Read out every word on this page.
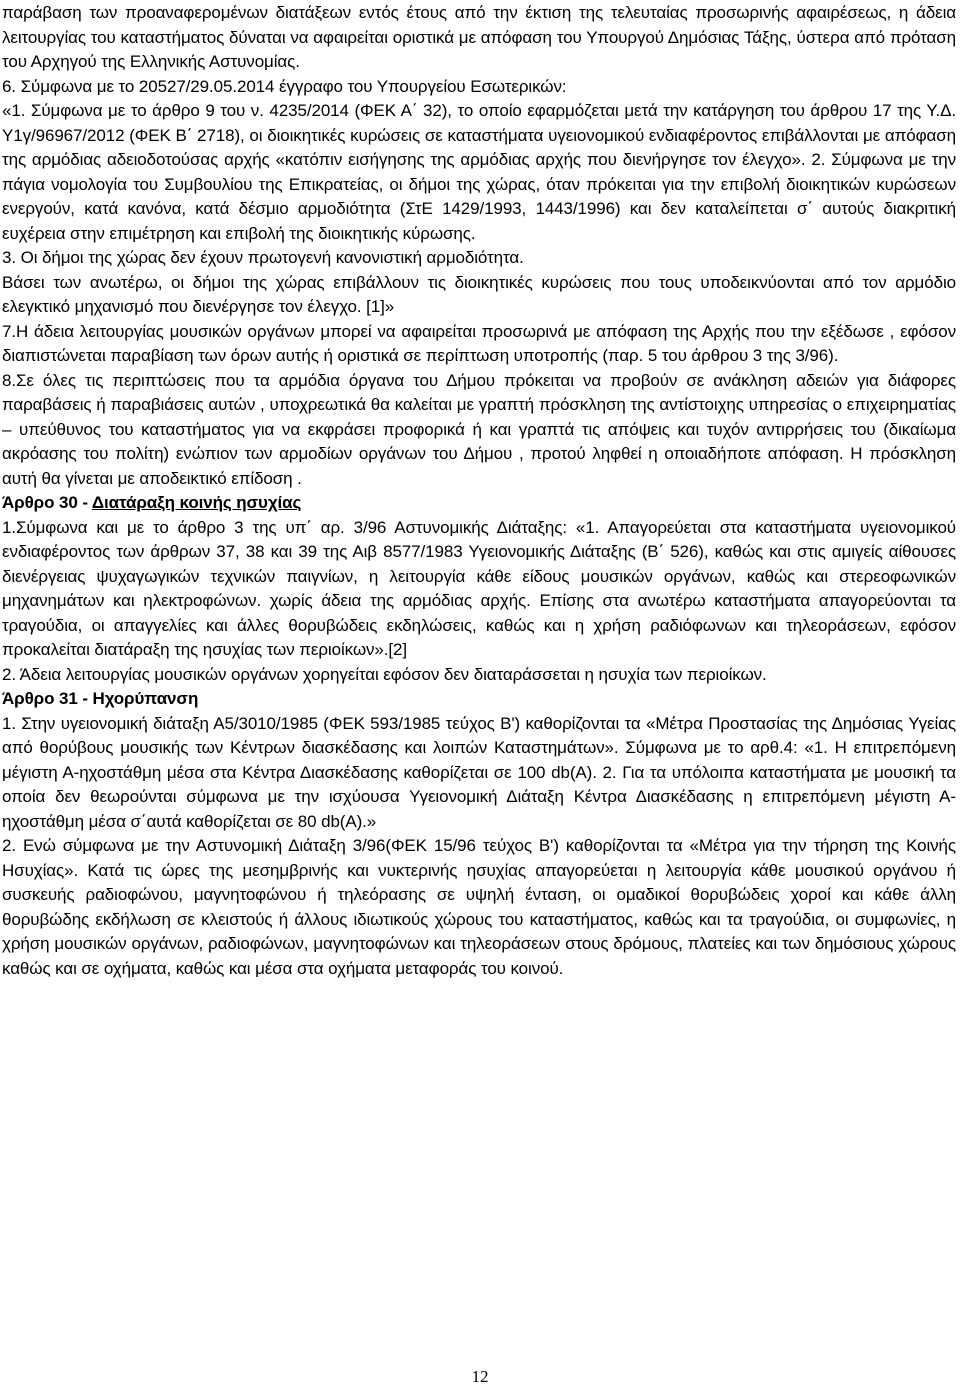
παράβαση των προαναφερομένων διατάξεων εντός έτους από την έκτιση της τελευταίας προσωρινής αφαιρέσεως, η άδεια λειτουργίας του καταστήματος δύναται να αφαιρείται οριστικά με απόφαση του Υπουργού Δημόσιας Τάξης, ύστερα από πρόταση του Αρχηγού της Ελληνικής Αστυνομίας.

6. Σύμφωνα με το 20527/29.05.2014 έγγραφο του Υπουργείου Εσωτερικών:

«1. Σύμφωνα με το άρθρο 9 του ν. 4235/2014 (ΦΕΚ Α΄ 32), το οποίο εφαρμόζεται μετά την κατάργηση του άρθρου 17 της Υ.Δ. Υ1γ/96967/2012 (ΦΕΚ Β΄ 2718), οι διοικητικές κυρώσεις σε καταστήματα υγειονομικού ενδιαφέροντος επιβάλλονται με απόφαση της αρμόδιας αδειοδοτούσας αρχής «κατόπιν εισήγησης της αρμόδιας αρχής που διενήργησε τον έλεγχο». 2. Σύμφωνα με την πάγια νομολογία του Συμβουλίου της Επικρατείας, οι δήμοι της χώρας, όταν πρόκειται για την επιβολή διοικητικών κυρώσεων ενεργούν, κατά κανόνα, κατά δέσμιο αρμοδιότητα (ΣτΕ 1429/1993, 1443/1996) και δεν καταλείπεται σ΄ αυτούς διακριτική ευχέρεια στην επιμέτρηση και επιβολή της διοικητικής κύρωσης.

3. Οι δήμοι της χώρας δεν έχουν πρωτογενή κανονιστική αρμοδιότητα.

Βάσει των ανωτέρω, οι δήμοι της χώρας επιβάλλουν τις διοικητικές κυρώσεις που τους υποδεικνύονται από τον αρμόδιο ελεγκτικό μηχανισμό που διενέργησε τον έλεγχο. [1]»

7.Η άδεια λειτουργίας μουσικών οργάνων μπορεί να αφαιρείται προσωρινά με απόφαση της Αρχής που την εξέδωσε , εφόσον διαπιστώνεται παραβίαση των όρων αυτής ή οριστικά σε περίπτωση υποτροπής (παρ. 5 του άρθρου 3 της 3/96).

8.Σε όλες τις περιπτώσεις που τα αρμόδια όργανα του Δήμου πρόκειται να προβούν σε ανάκληση αδειών για διάφορες παραβάσεις ή παραβιάσεις αυτών , υποχρεωτικά θα καλείται με γραπτή πρόσκληση της αντίστοιχης υπηρεσίας ο επιχειρηματίας – υπεύθυνος του καταστήματος για να εκφράσει προφορικά ή και γραπτά τις απόψεις και τυχόν αντιρρήσεις του (δικαίωμα ακρόασης του πολίτη) ενώπιον των αρμοδίων οργάνων του Δήμου , προτού ληφθεί η οποιαδήποτε απόφαση. Η πρόσκληση αυτή θα γίνεται με αποδεικτικό επίδοση .

Άρθρο 30 - Διατάραξη κοινής ησυχίας

1.Σύμφωνα και με το άρθρο 3 της υπ΄ αρ. 3/96 Αστυνομικής Διάταξης: «1. Απαγορεύεται στα καταστήματα υγειονομικού ενδιαφέροντος των άρθρων 37, 38 και 39 της Αιβ 8577/1983 Υγειονομικής Διάταξης (Β΄ 526), καθώς και στις αμιγείς αίθουσες διενέργειας ψυχαγωγικών τεχνικών παιγνίων, η λειτουργία κάθε είδους μουσικών οργάνων, καθώς και στερεοφωνικών μηχανημάτων και ηλεκτροφώνων. χωρίς άδεια της αρμόδιας αρχής. Επίσης στα ανωτέρω καταστήματα απαγορεύονται τα τραγούδια, οι απαγγελίες και άλλες θορυβώδεις εκδηλώσεις, καθώς και η χρήση ραδιόφωνων και τηλεοράσεων, εφόσον προκαλείται διατάραξη της ησυχίας των περιοίκων».[2]

2. Άδεια λειτουργίας μουσικών οργάνων χορηγείται εφόσον δεν διαταράσσεται η ησυχία των περιοίκων.

Άρθρο 31 - Ηχορύπανση

1. Στην υγειονομική διάταξη Α5/3010/1985 (ΦΕΚ 593/1985 τεύχος Β') καθορίζονται τα «Μέτρα Προστασίας της Δημόσιας Υγείας από θορύβους μουσικής των Κέντρων διασκέδασης και λοιπών Καταστημάτων». Σύμφωνα με το αρθ.4: «1. Η επιτρεπόμενη μέγιστη Α-ηχοστάθμη μέσα στα Κέντρα Διασκέδασης καθορίζεται σε 100 db(A). 2. Για τα υπόλοιπα καταστήματα με μουσική τα οποία δεν θεωρούνται σύμφωνα με την ισχύουσα Υγειονομική Διάταξη Κέντρα Διασκέδασης η επιτρεπόμενη μέγιστη Α-ηχοστάθμη μέσα σ΄αυτά καθορίζεται σε 80 db(A).»

2. Ενώ σύμφωνα με την Αστυνομική Διάταξη 3/96(ΦΕΚ 15/96 τεύχος Β') καθορίζονται τα «Μέτρα για την τήρηση της Κοινής Ησυχίας». Κατά τις ώρες της μεσημβρινής και νυκτερινής ησυχίας απαγορεύεται η λειτουργία κάθε μουσικού οργάνου ή συσκευής ραδιοφώνου, μαγνητοφώνου ή τηλεόρασης σε υψηλή ένταση, οι ομαδικοί θορυβώδεις χοροί και κάθε άλλη θορυβώδης εκδήλωση σε κλειστούς ή άλλους ιδιωτικούς χώρους του καταστήματος, καθώς και τα τραγούδια, οι συμφωνίες, η χρήση μουσικών οργάνων, ραδιοφώνων, μαγνητοφώνων και τηλεοράσεων στους δρόμους, πλατείες και των δημόσιους χώρους καθώς και σε οχήματα, καθώς και μέσα στα οχήματα μεταφοράς του κοινού.

12
